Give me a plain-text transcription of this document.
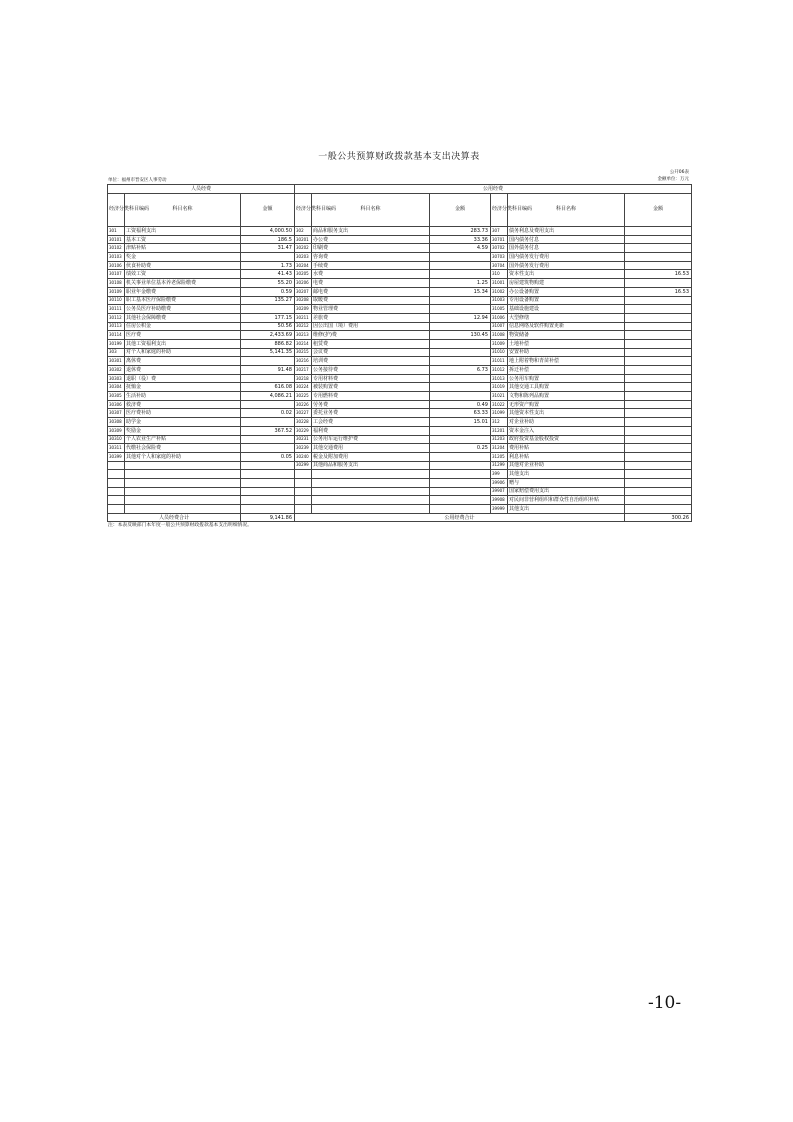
一般公共预算财政拨款基本支出决算表
单位：福州市晋安区人事劳动
公开06表
金额单位：万元
人员经费			公用经费					
经济分类科目编码	科目名称	金额	经济分类科目编码	科目名称	金额	经济分类科目编码	科目名称	金额
301	工资福利支出	4,000.50	302	商品和服务支出	283.73	307	债务利息及费用支出	
30101	基本工资	186.5	30201	办公费	33.36	30701	国内债务付息	
30102	津贴补贴	31.47	30202	印刷费	4.59	30702	国外债务付息	
30103	奖金		30203	咨询费		30703	国内债务发行费用	
30106	伙食补助费	1.73	30204	手续费		30704	国外债务发行费用	
30107	绩效工资	41.43	30205	水费		310	资本性支出	16.53
30108	机关事业单位基本养老保险缴费	55.20	30206	电费	1.25	31001	房屋建筑物购建	
30109	职业年金缴费	0.59	30207	邮电费	15.34	31002	办公设备购置	16.53
30110	职工基本医疗保险缴费	135.27	30208	取暖费		31003	专用设备购置	
30111	公务员医疗补助缴费		30209	物业管理费		31005	基础设施建设	
30112	其他社会保障缴费	177.15	30211	差旅费	12.94	31006	大型修缮	
30113	住房公积金	50.56	30212	因公出国（境）费用		31007	信息网络及软件购置更新	
30114	医疗费	2,433.69	30213	维修(护)费	130.45	31008	物资储备	
30199	其他工资福利支出	886.82	30214	租赁费		31009	土地补偿	
303	对个人和家庭的补助	5,141.35	30215	会议费		31010	安置补助	
30301	离休费		30216	培训费		31011	地上附着物和青苗补偿	
30302	退休费	91.48	30217	公务接待费	6.73	31012	拆迁补偿	
30303	退职（役）费		30218	专用材料费		31013	公务用车购置	
30304	抚恤金	616.08	30224	被装购置费		31019	其他交通工具购置	
30305	生活补助	4,086.21	30225	专用燃料费		31021	文物和陈列品购置	
30306	救济费		30226	劳务费	0.49	31022	无形资产购置	
30307	医疗费补助	0.02	30227	委托业务费	63.33	31099	其他资本性支出	
30308	助学金		30228	工会经费	15.01	312	对企业补助	
30309	奖励金	367.52	30229	福利费		31201	资本金注入	
30310	个人农业生产补贴		30231	公务用车运行维护费		31203	政府投资基金股权投资	
30311	代缴社会保险费		30239	其他交通费用	0.25	31204	费用补贴	
30399	其他对个人和家庭的补助	0.05	30240	税金及附加费用		31205	利息补贴	
			30299	其他商品和服务支出		31299	其他对企业补助	
						399	其他支出	
						39906	赠与	
						39907	国家赔偿费用支出	
						39908	对民间非营利组织和群众性自治组织补贴	
						39999	其他支出	
人员经费合计		9,141.86	公用经费合计					300.26
注：本表反映部门本年度一般公共预算财政拨款基本支出明细情况。
-10-
